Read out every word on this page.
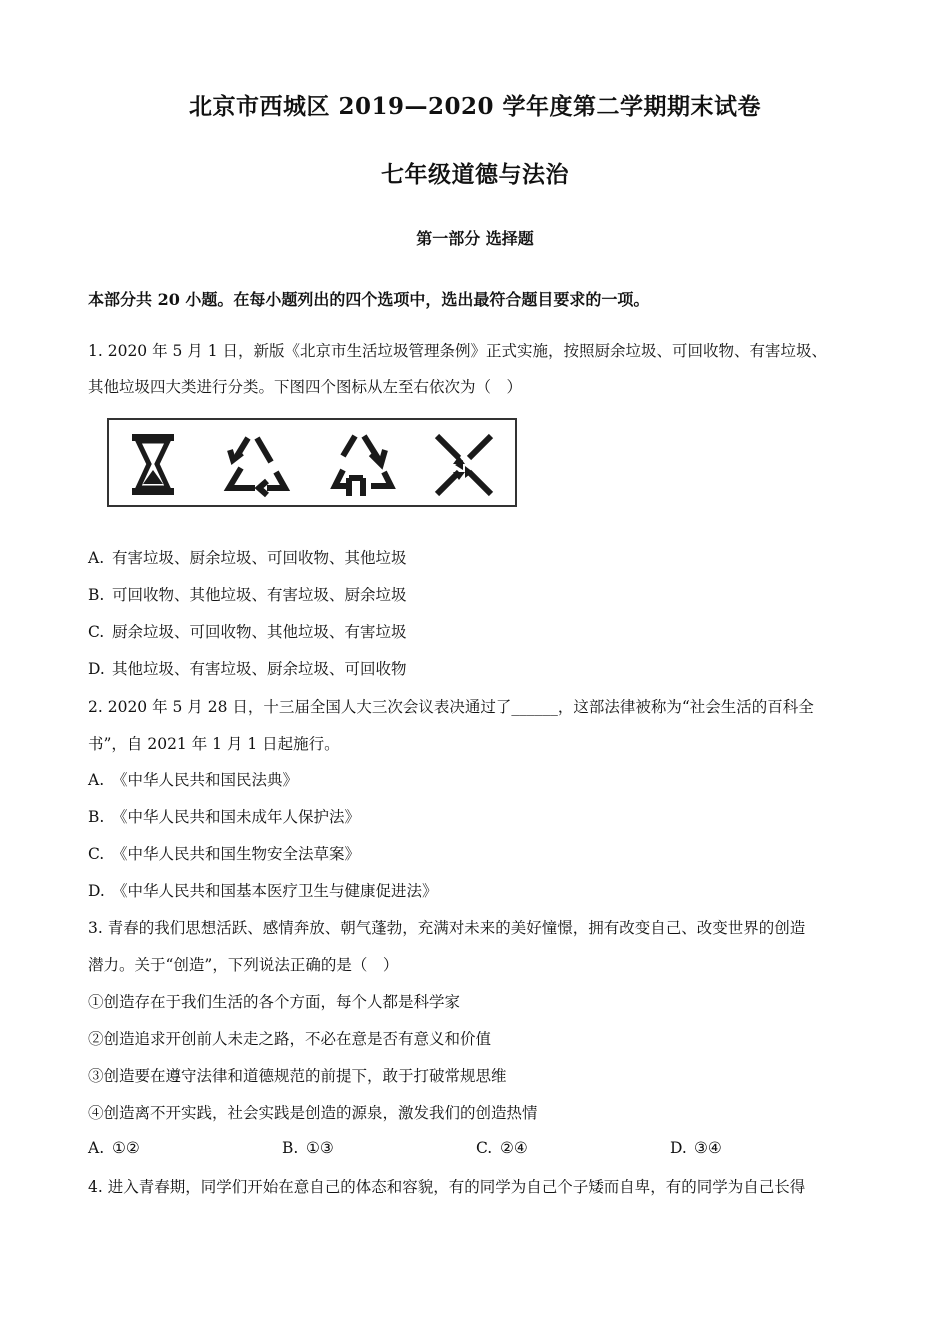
北京市西城区 2019—2020 学年度第二学期期末试卷
七年级道德与法治
第一部分 选择题
本部分共 20 小题。在每小题列出的四个选项中，选出最符合题目要求的一项。
1. 2020 年 5 月 1 日，新版《北京市生活垃圾管理条例》正式实施，按照厨余垃圾、可回收物、有害垃圾、
其他垃圾四大类进行分类。下图四个图标从左至右依次为（　）
A. 有害垃圾、厨余垃圾、可回收物、其他垃圾
B. 可回收物、其他垃圾、有害垃圾、厨余垃圾
C. 厨余垃圾、可回收物、其他垃圾、有害垃圾
D. 其他垃圾、有害垃圾、厨余垃圾、可回收物
2. 2020 年 5 月 28 日，十三届全国人大三次会议表决通过了______，这部法律被称为“社会生活的百科全
书”，自 2021 年 1 月 1 日起施行。
A. 《中华人民共和国民法典》
B. 《中华人民共和国未成年人保护法》
C. 《中华人民共和国生物安全法草案》
D. 《中华人民共和国基本医疗卫生与健康促进法》
3. 青春的我们思想活跃、感情奔放、朝气蓬勃，充满对未来的美好憧憬，拥有改变自己、改变世界的创造
潜力。关于“创造”，下列说法正确的是（　）
①创造存在于我们生活的各个方面，每个人都是科学家
②创造追求开创前人未走之路，不必在意是否有意义和价值
③创造要在遵守法律和道德规范的前提下，敢于打破常规思维
④创造离不开实践，社会实践是创造的源泉，激发我们的创造热情
A. ①②	B. ①③	C. ②④	D. ③④
4. 进入青春期，同学们开始在意自己的体态和容貌，有的同学为自己个子矮而自卑，有的同学为自己长得
